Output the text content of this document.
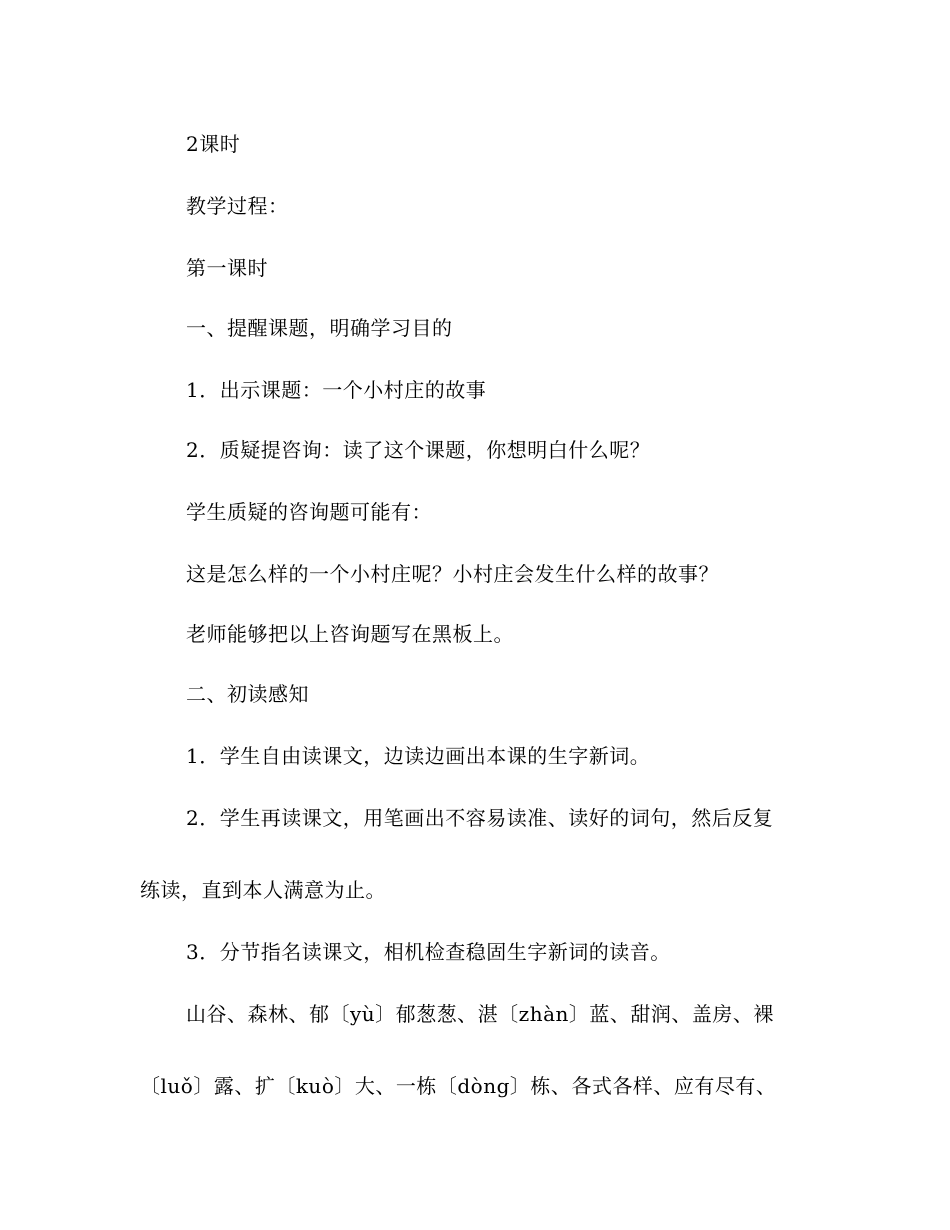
2课时
教学过程：
第一课时
一、提醒课题，明确学习目的
1．出示课题：一个小村庄的故事
2．质疑提咨询：读了这个课题，你想明白什么呢？
学生质疑的咨询题可能有：
这是怎么样的一个小村庄呢？小村庄会发生什么样的故事？
老师能够把以上咨询题写在黑板上。
二、初读感知
1．学生自由读课文，边读边画出本课的生字新词。
2．学生再读课文，用笔画出不容易读准、读好的词句，然后反复
练读，直到本人满意为止。
3．分节指名读课文，相机检查稳固生字新词的读音。
山谷、森林、郁〔yù〕郁葱葱、湛〔zhàn〕蓝、甜润、盖房、裸
〔luǒ〕露、扩〔kuò〕大、一栋〔dòng〕栋、各式各样、应有尽有、
